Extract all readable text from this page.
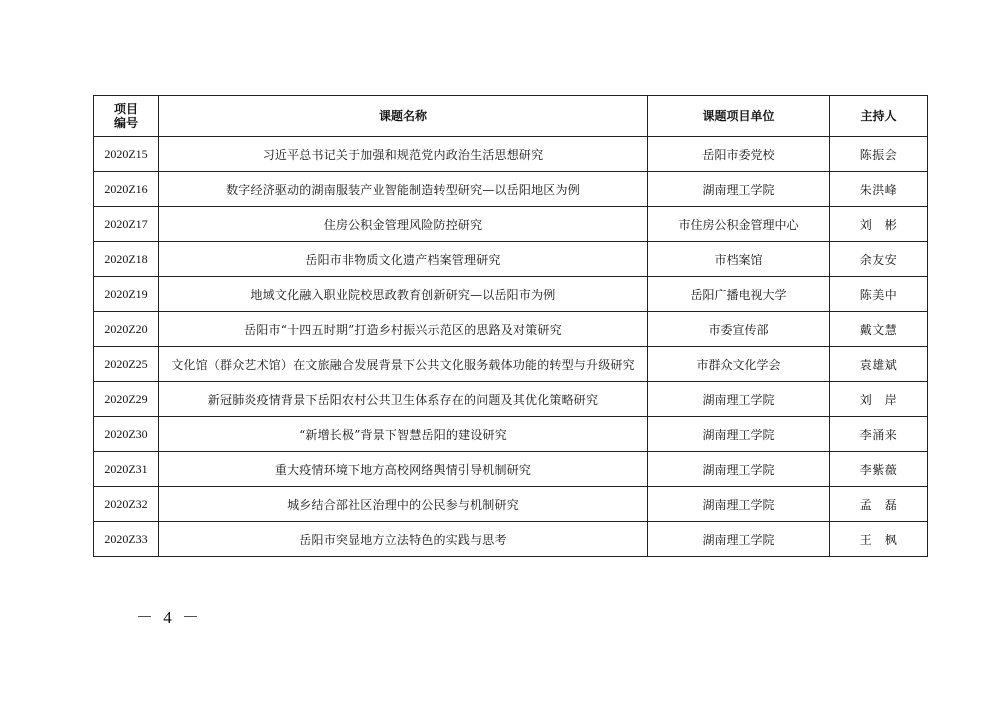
项目
编号	课题名称	课题项目单位	主持人
2020Z15	习近平总书记关于加强和规范党内政治生活思想研究	岳阳市委党校	陈振会
2020Z16	数字经济驱动的湖南服装产业智能制造转型研究—以岳阳地区为例	湖南理工学院	朱洪峰
2020Z17	住房公积金管理风险防控研究	市住房公积金管理中心	刘　彬
2020Z18	岳阳市非物质文化遗产档案管理研究	市档案馆	余友安
2020Z19	地域文化融入职业院校思政教育创新研究—以岳阳市为例	岳阳广播电视大学	陈美中
2020Z20	岳阳市“十四五时期”打造乡村振兴示范区的思路及对策研究	市委宣传部	戴文慧
2020Z25	文化馆（群众艺术馆）在文旅融合发展背景下公共文化服务载体功能的转型与升级研究	市群众文化学会	袁雄斌
2020Z29	新冠肺炎疫情背景下岳阳农村公共卫生体系存在的问题及其优化策略研究	湖南理工学院	刘　岸
2020Z30	“新增长极”背景下智慧岳阳的建设研究	湖南理工学院	李涌来
2020Z31	重大疫情环境下地方高校网络舆情引导机制研究	湖南理工学院	李紫薇
2020Z32	城乡结合部社区治理中的公民参与机制研究	湖南理工学院	孟　磊
2020Z33	岳阳市突显地方立法特色的实践与思考	湖南理工学院	王　枫
－ 4 －
